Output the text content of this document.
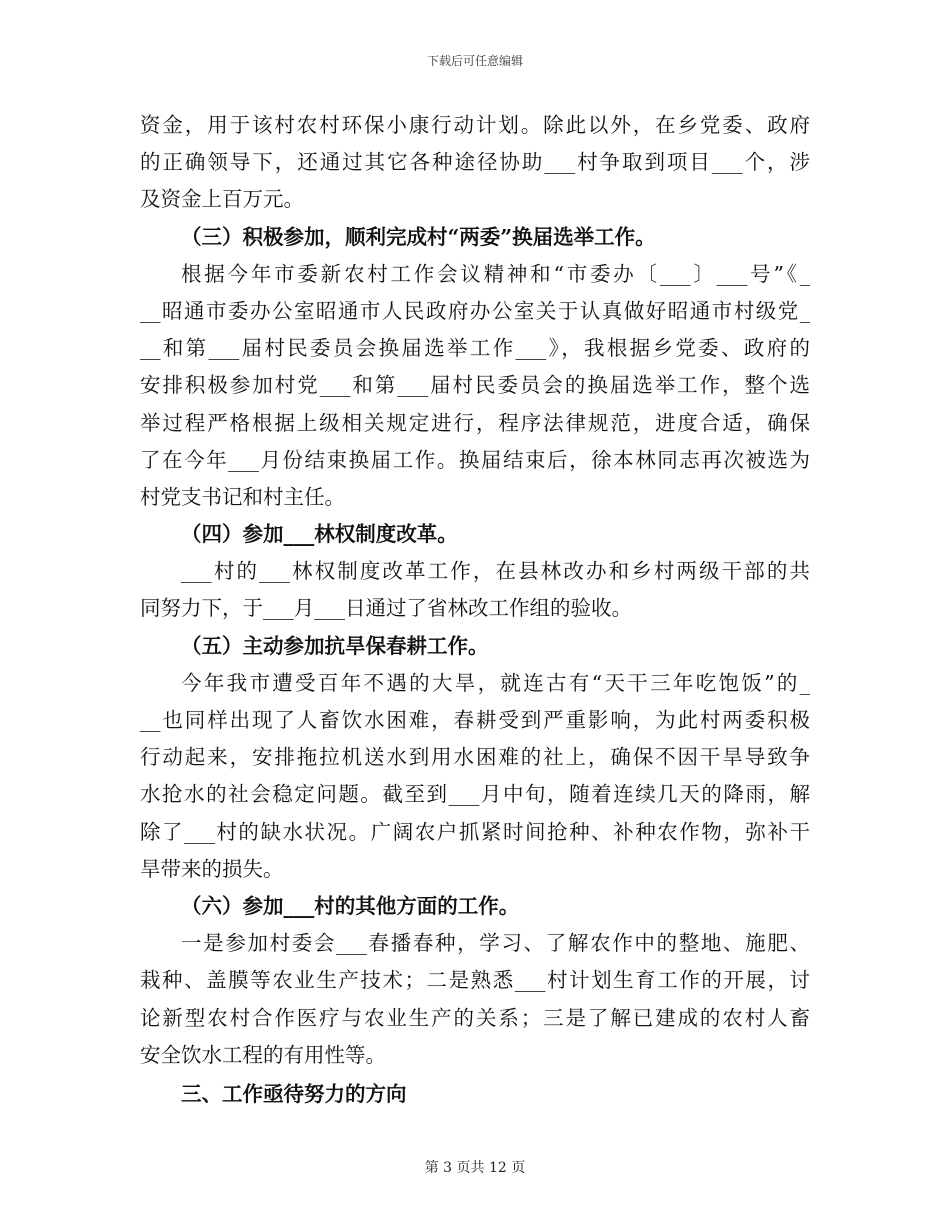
下载后可任意编辑
资金，用于该村农村环保小康行动计划。除此以外，在乡党委、政府
的正确领导下，还通过其它各种途径协助___村争取到项目___个，涉
及资金上百万元。
（三）积极参加，顺利完成村“两委”换届选举工作。
根据今年市委新农村工作会议精神和“市委办〔___〕___号”《_
__昭通市委办公室昭通市人民政府办公室关于认真做好昭通市村级党_
__和第___届村民委员会换届选举工作___》，我根据乡党委、政府的
安排积极参加村党___和第___届村民委员会的换届选举工作，整个选
举过程严格根据上级相关规定进行，程序法律规范，进度合适，确保
了在今年___月份结束换届工作。换届结束后，徐本林同志再次被选为
村党支书记和村主任。
（四）参加___林权制度改革。
___村的___林权制度改革工作，在县林改办和乡村两级干部的共
同努力下，于___月___日通过了省林改工作组的验收。
（五）主动参加抗旱保春耕工作。
今年我市遭受百年不遇的大旱，就连古有“天干三年吃饱饭”的_
__也同样出现了人畜饮水困难，春耕受到严重影响，为此村两委积极
行动起来，安排拖拉机送水到用水困难的社上，确保不因干旱导致争
水抢水的社会稳定问题。截至到___月中旬，随着连续几天的降雨，解
除了___村的缺水状况。广阔农户抓紧时间抢种、补种农作物，弥补干
旱带来的损失。
（六）参加___村的其他方面的工作。
一是参加村委会___春播春种，学习、了解农作中的整地、施肥、
栽种、盖膜等农业生产技术；二是熟悉___村计划生育工作的开展，讨
论新型农村合作医疗与农业生产的关系；三是了解已建成的农村人畜
安全饮水工程的有用性等。
三、工作亟待努力的方向
第 3 页共 12 页
